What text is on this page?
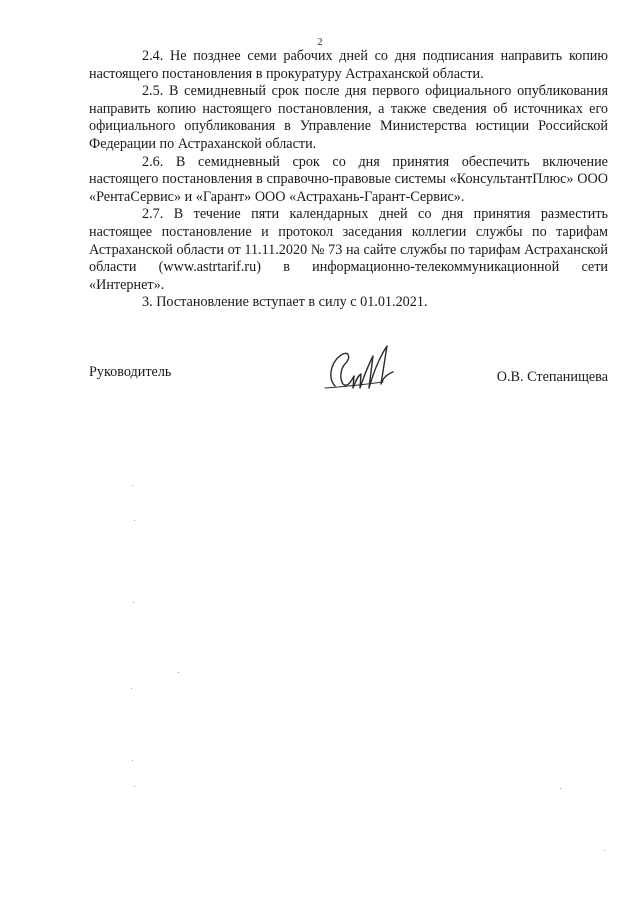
2

2.4. Не позднее семи рабочих дней со дня подписания направить копию настоящего постановления в прокуратуру Астраханской области.

2.5. В семидневный срок после дня первого официального опубликования направить копию настоящего постановления, а также сведения об источниках его официального опубликования в Управление Министерства юстиции Российской Федерации по Астраханской области.

2.6. В семидневный срок со дня принятия обеспечить включение настоящего постановления в справочно-правовые системы «КонсультантПлюс» ООО «РентаСервис» и «Гарант» ООО «Астрахань-Гарант-Сервис».

2.7. В течение пяти календарных дней со дня принятия разместить настоящее постановление и протокол заседания коллегии службы по тарифам Астраханской области от 11.11.2020 № 73 на сайте службы по тарифам Астраханской области (www.astrtarif.ru) в информационно-телекоммуникационной сети «Интернет».

3. Постановление вступает в силу с 01.01.2021.

Руководитель	О.В. Степанищева
